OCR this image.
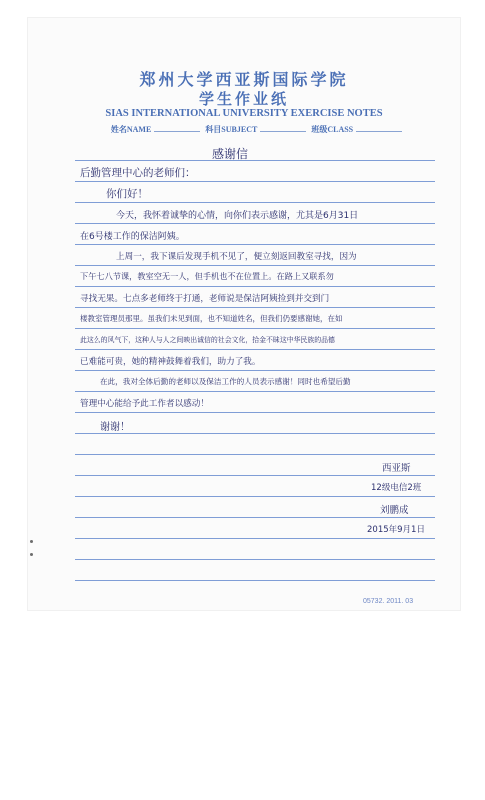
郑州大学西亚斯国际学院
学生作业纸
SIAS INTERNATIONAL UNIVERSITY EXERCISE NOTES
姓名NAME	科目SUBJECT	班级CLASS
感谢信
后勤管理中心的老师们：
你们好！
今天，我怀着诚挚的心情，向你们表示感谢，尤其是6月31日
在6号楼工作的保洁阿姨。
上周一，我下课后发现手机不见了，便立刻返回教室寻找，因为
下午七八节课，教室空无一人，但手机也不在位置上。在路上又联系勿
寻找无果。七点多老师终于打通，老师说是保洁阿姨捡到并交到门
楼教室管理员那里。虽我们未见到面，也不知道姓名，但我们仍要感谢她，在如
此这么的风气下，这种人与人之间映出诚信的社会文化，拾金不昧这中华民族的品德
已难能可贵，她的精神鼓舞着我们，助力了我。
在此，我对全体后勤的老师以及保洁工作的人员表示感谢！同时也希望后勤
管理中心能给予此工作者以感动！
谢谢！
西亚斯
12级电信2班
刘鹏成
2015年9月1日
05732. 2011. 03
